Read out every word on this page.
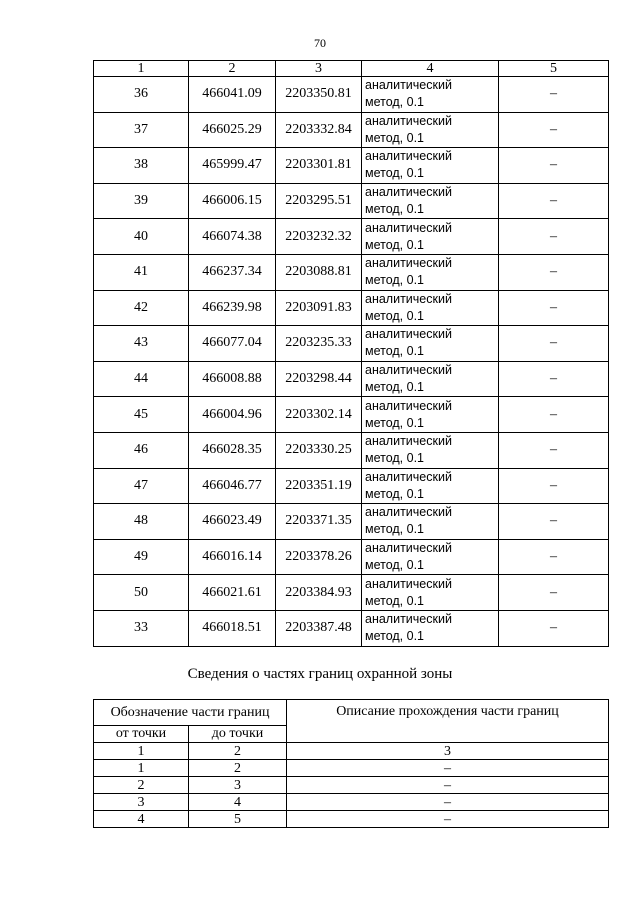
70
1	2	3	4	5
36	466041.09	2203350.81	аналитический
метод, 0.1	–
37	466025.29	2203332.84	аналитический
метод, 0.1	–
38	465999.47	2203301.81	аналитический
метод, 0.1	–
39	466006.15	2203295.51	аналитический
метод, 0.1	–
40	466074.38	2203232.32	аналитический
метод, 0.1	–
41	466237.34	2203088.81	аналитический
метод, 0.1	–
42	466239.98	2203091.83	аналитический
метод, 0.1	–
43	466077.04	2203235.33	аналитический
метод, 0.1	–
44	466008.88	2203298.44	аналитический
метод, 0.1	–
45	466004.96	2203302.14	аналитический
метод, 0.1	–
46	466028.35	2203330.25	аналитический
метод, 0.1	–
47	466046.77	2203351.19	аналитический
метод, 0.1	–
48	466023.49	2203371.35	аналитический
метод, 0.1	–
49	466016.14	2203378.26	аналитический
метод, 0.1	–
50	466021.61	2203384.93	аналитический
метод, 0.1	–
33	466018.51	2203387.48	аналитический
метод, 0.1	–
Сведения о частях границ охранной зоны
Обозначение части границ		Описание прохождения части границ
от точки	до точки	
1	2	3
1	2	–
2	3	–
3	4	–
4	5	–
